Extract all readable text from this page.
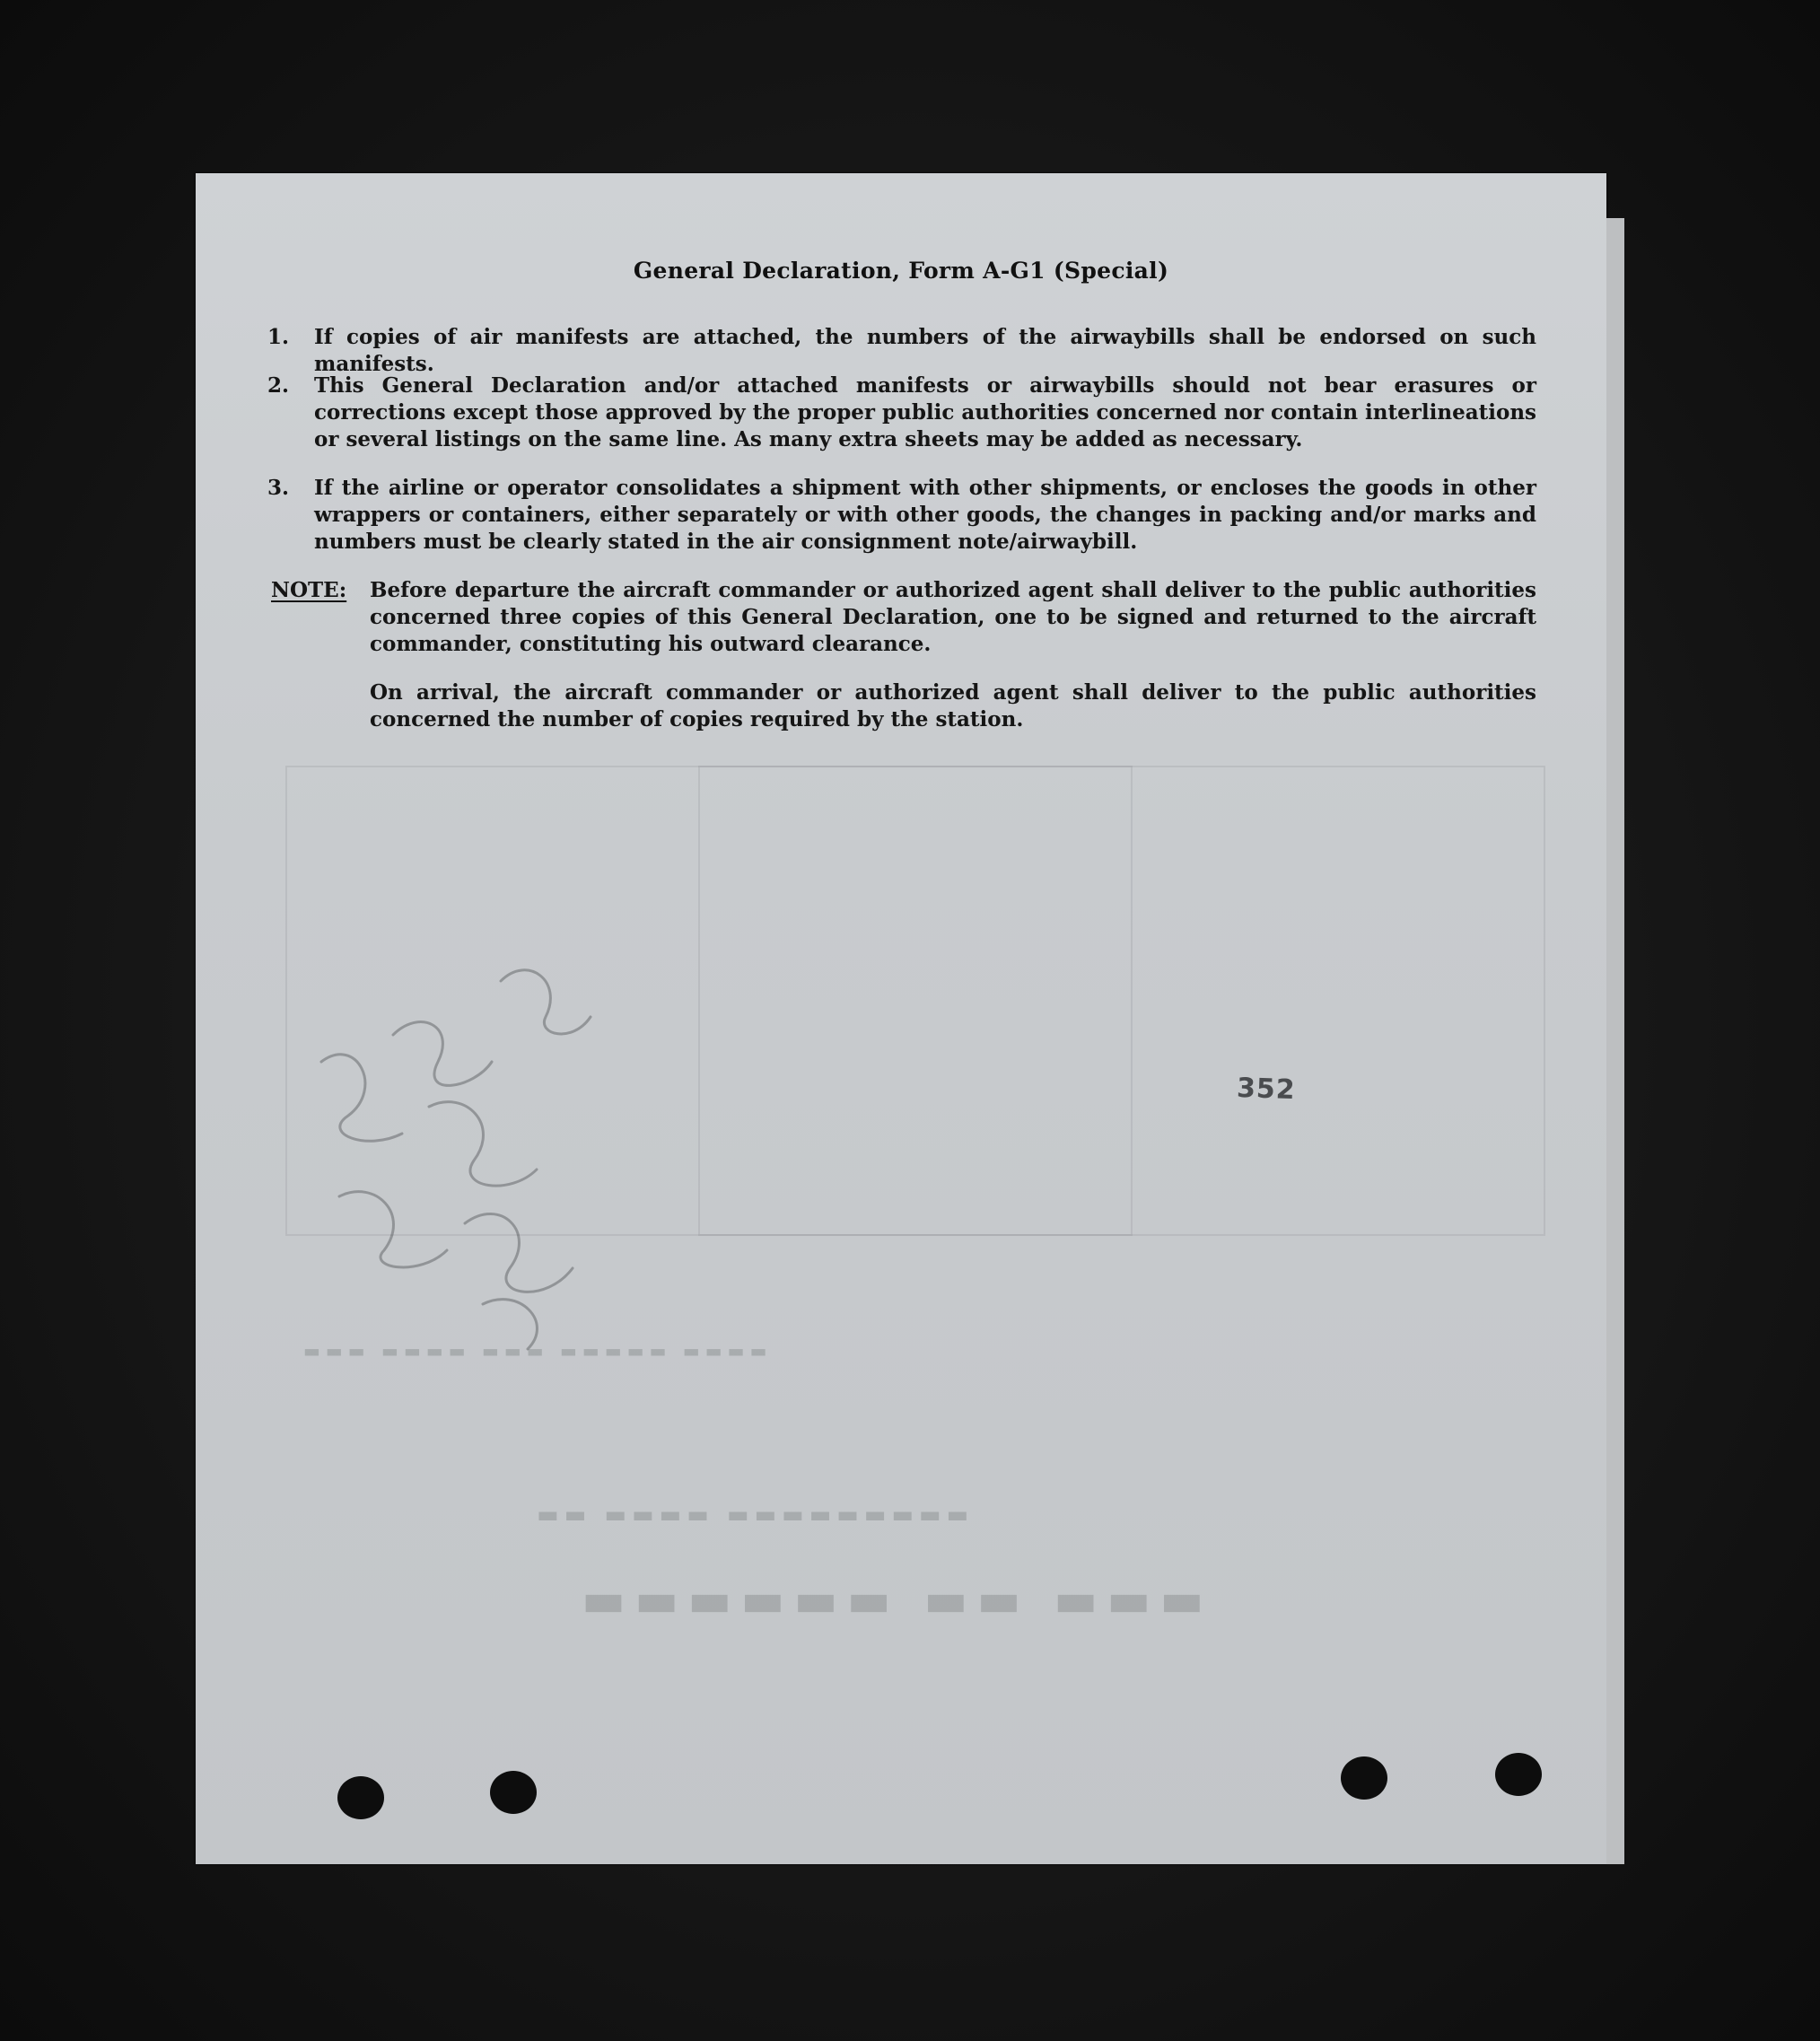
▬▬▬ ▬▬ ▬▬▬▬▬▬
▬▬ ▬▬▬▬ ▬▬▬▬▬▬▬▬▬
▬▬▬ ▬▬▬▬ ▬▬▬ ▬▬▬▬▬ ▬▬▬▬
General Declaration, Form A-G1 (Special)
1.	If copies of air manifests are attached, the numbers of the airwaybills shall be endorsed on such manifests.
2.	This General Declaration and/or attached manifests or airwaybills should not bear erasures or corrections except those approved by the proper public authorities concerned nor contain interlineations or several listings on the same line. As many extra sheets may be added as necessary.
3.	If the airline or operator consolidates a shipment with other shipments, or encloses the goods in other wrappers or containers, either separately or with other goods, the changes in packing and/or marks and numbers must be clearly stated in the air consignment note/airwaybill.
NOTE: Before departure the aircraft commander or authorized agent shall deliver to the public authorities concerned three copies of this General Declaration, one to be signed and returned to the aircraft commander, constituting his outward clearance.
On arrival, the aircraft commander or authorized agent shall deliver to the public authorities concerned the number of copies required by the station.
352
